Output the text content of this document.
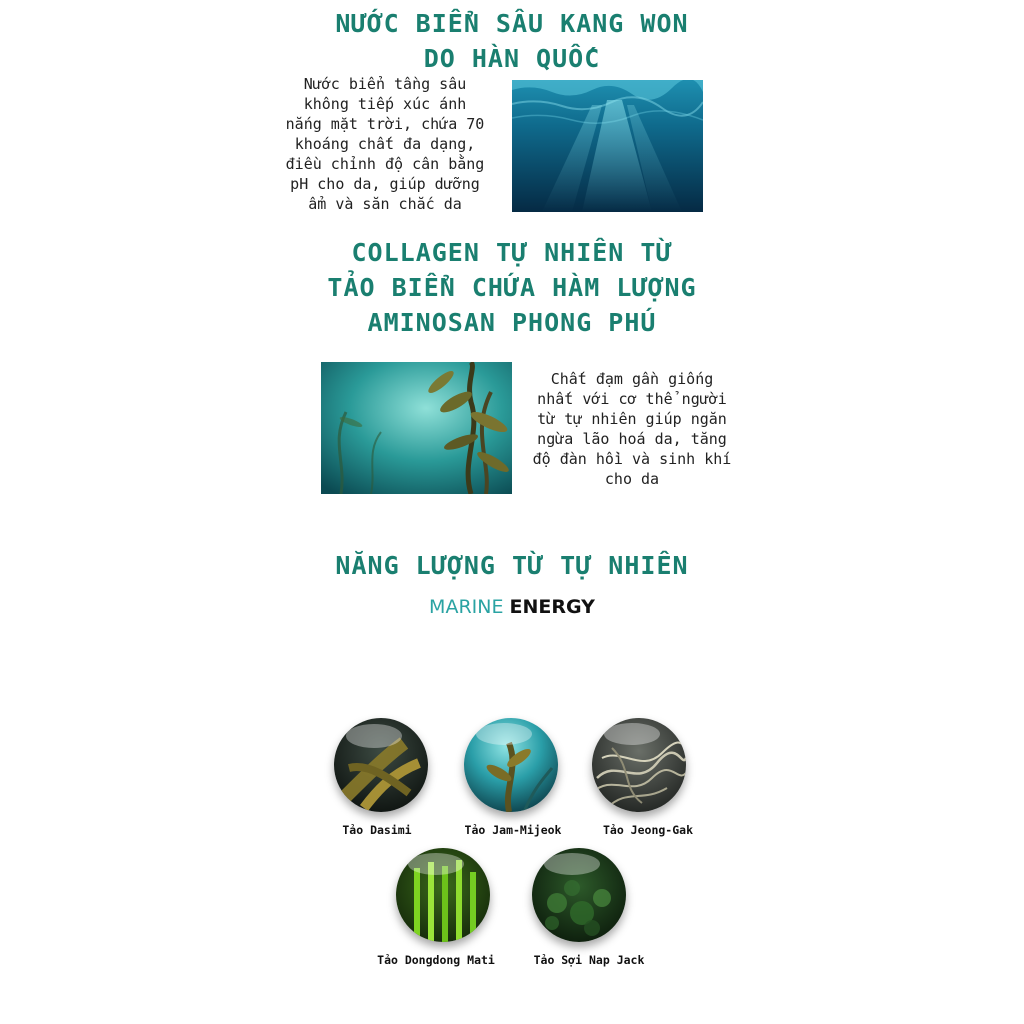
NƯỚC BIỂN SÂU KANG WON
DO HÀN QUỐC

Nước biển tầng sâu
không tiếp xúc ánh
nắng mặt trời, chứa 70
khoáng chất đa dạng,
điều chỉnh độ cân bằng
pH cho da, giúp dưỡng
ẩm và săn chắc da

COLLAGEN TỰ NHIÊN TỪ
TẢO BIỂN CHỨA HÀM LƯỢNG
AMINOSAN PHONG PHÚ

Chất đạm gần giống
nhất với cơ thể người
từ tự nhiên giúp ngăn
ngừa lão hoá da, tăng
độ đàn hồi và sinh khí
cho da

NĂNG LƯỢNG TỪ TỰ NHIÊN
MARINE ENERGY
Tảo Dasimi	Tảo Jam-Mijeok	Tảo Jeong-Gak
Tảo Dongdong Mati	Tảo Sợi Nap Jack
